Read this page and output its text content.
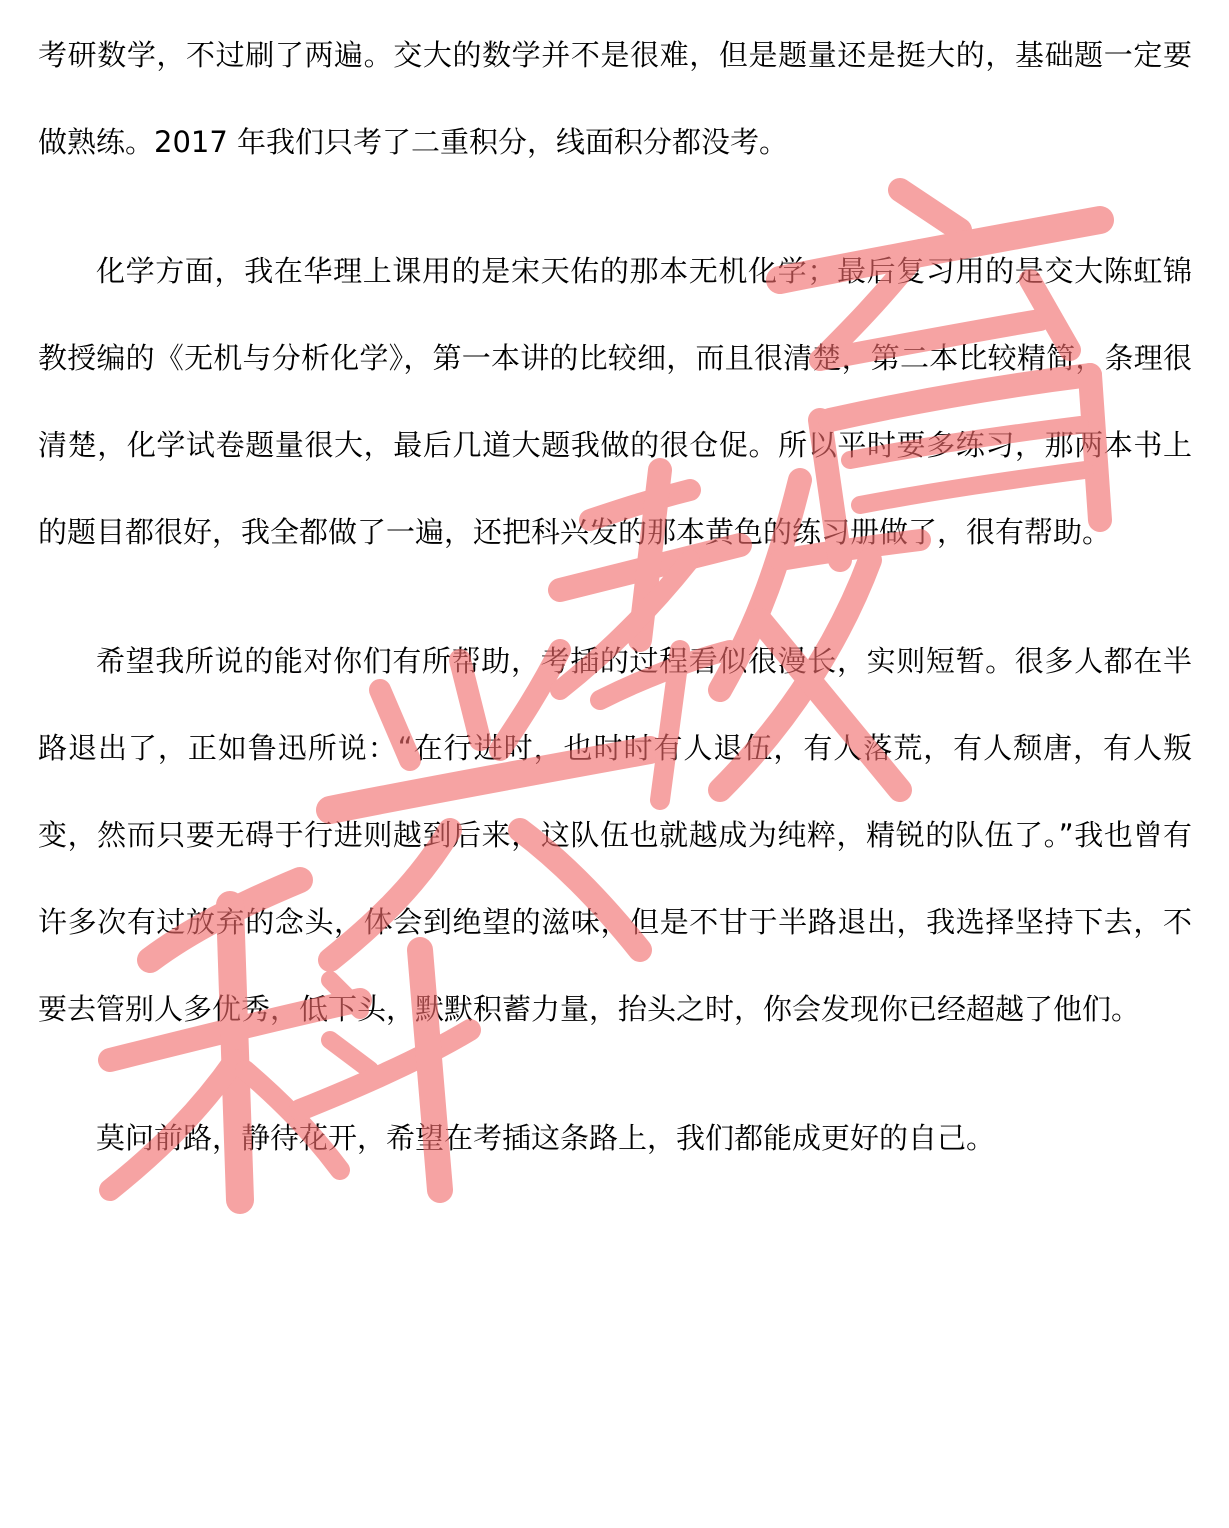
考研数学，不过刷了两遍。交大的数学并不是很难，但是题量还是挺大的，基础题一定要做熟练。2017 年我们只考了二重积分，线面积分都没考。

化学方面，我在华理上课用的是宋天佑的那本无机化学；最后复习用的是交大陈虹锦教授编的《无机与分析化学》，第一本讲的比较细，而且很清楚，第二本比较精简，条理很清楚，化学试卷题量很大，最后几道大题我做的很仓促。所以平时要多练习，那两本书上的题目都很好，我全都做了一遍，还把科兴发的那本黄色的练习册做了，很有帮助。

希望我所说的能对你们有所帮助，考插的过程看似很漫长，实则短暂。很多人都在半路退出了，正如鲁迅所说：“在行进时，也时时有人退伍，有人落荒，有人颓唐，有人叛变，然而只要无碍于行进则越到后来，这队伍也就越成为纯粹，精锐的队伍了。”我也曾有许多次有过放弃的念头，体会到绝望的滋味，但是不甘于半路退出，我选择坚持下去，不要去管别人多优秀，低下头，默默积蓄力量，抬头之时，你会发现你已经超越了他们。

莫问前路，静待花开，希望在考插这条路上，我们都能成更好的自己。
